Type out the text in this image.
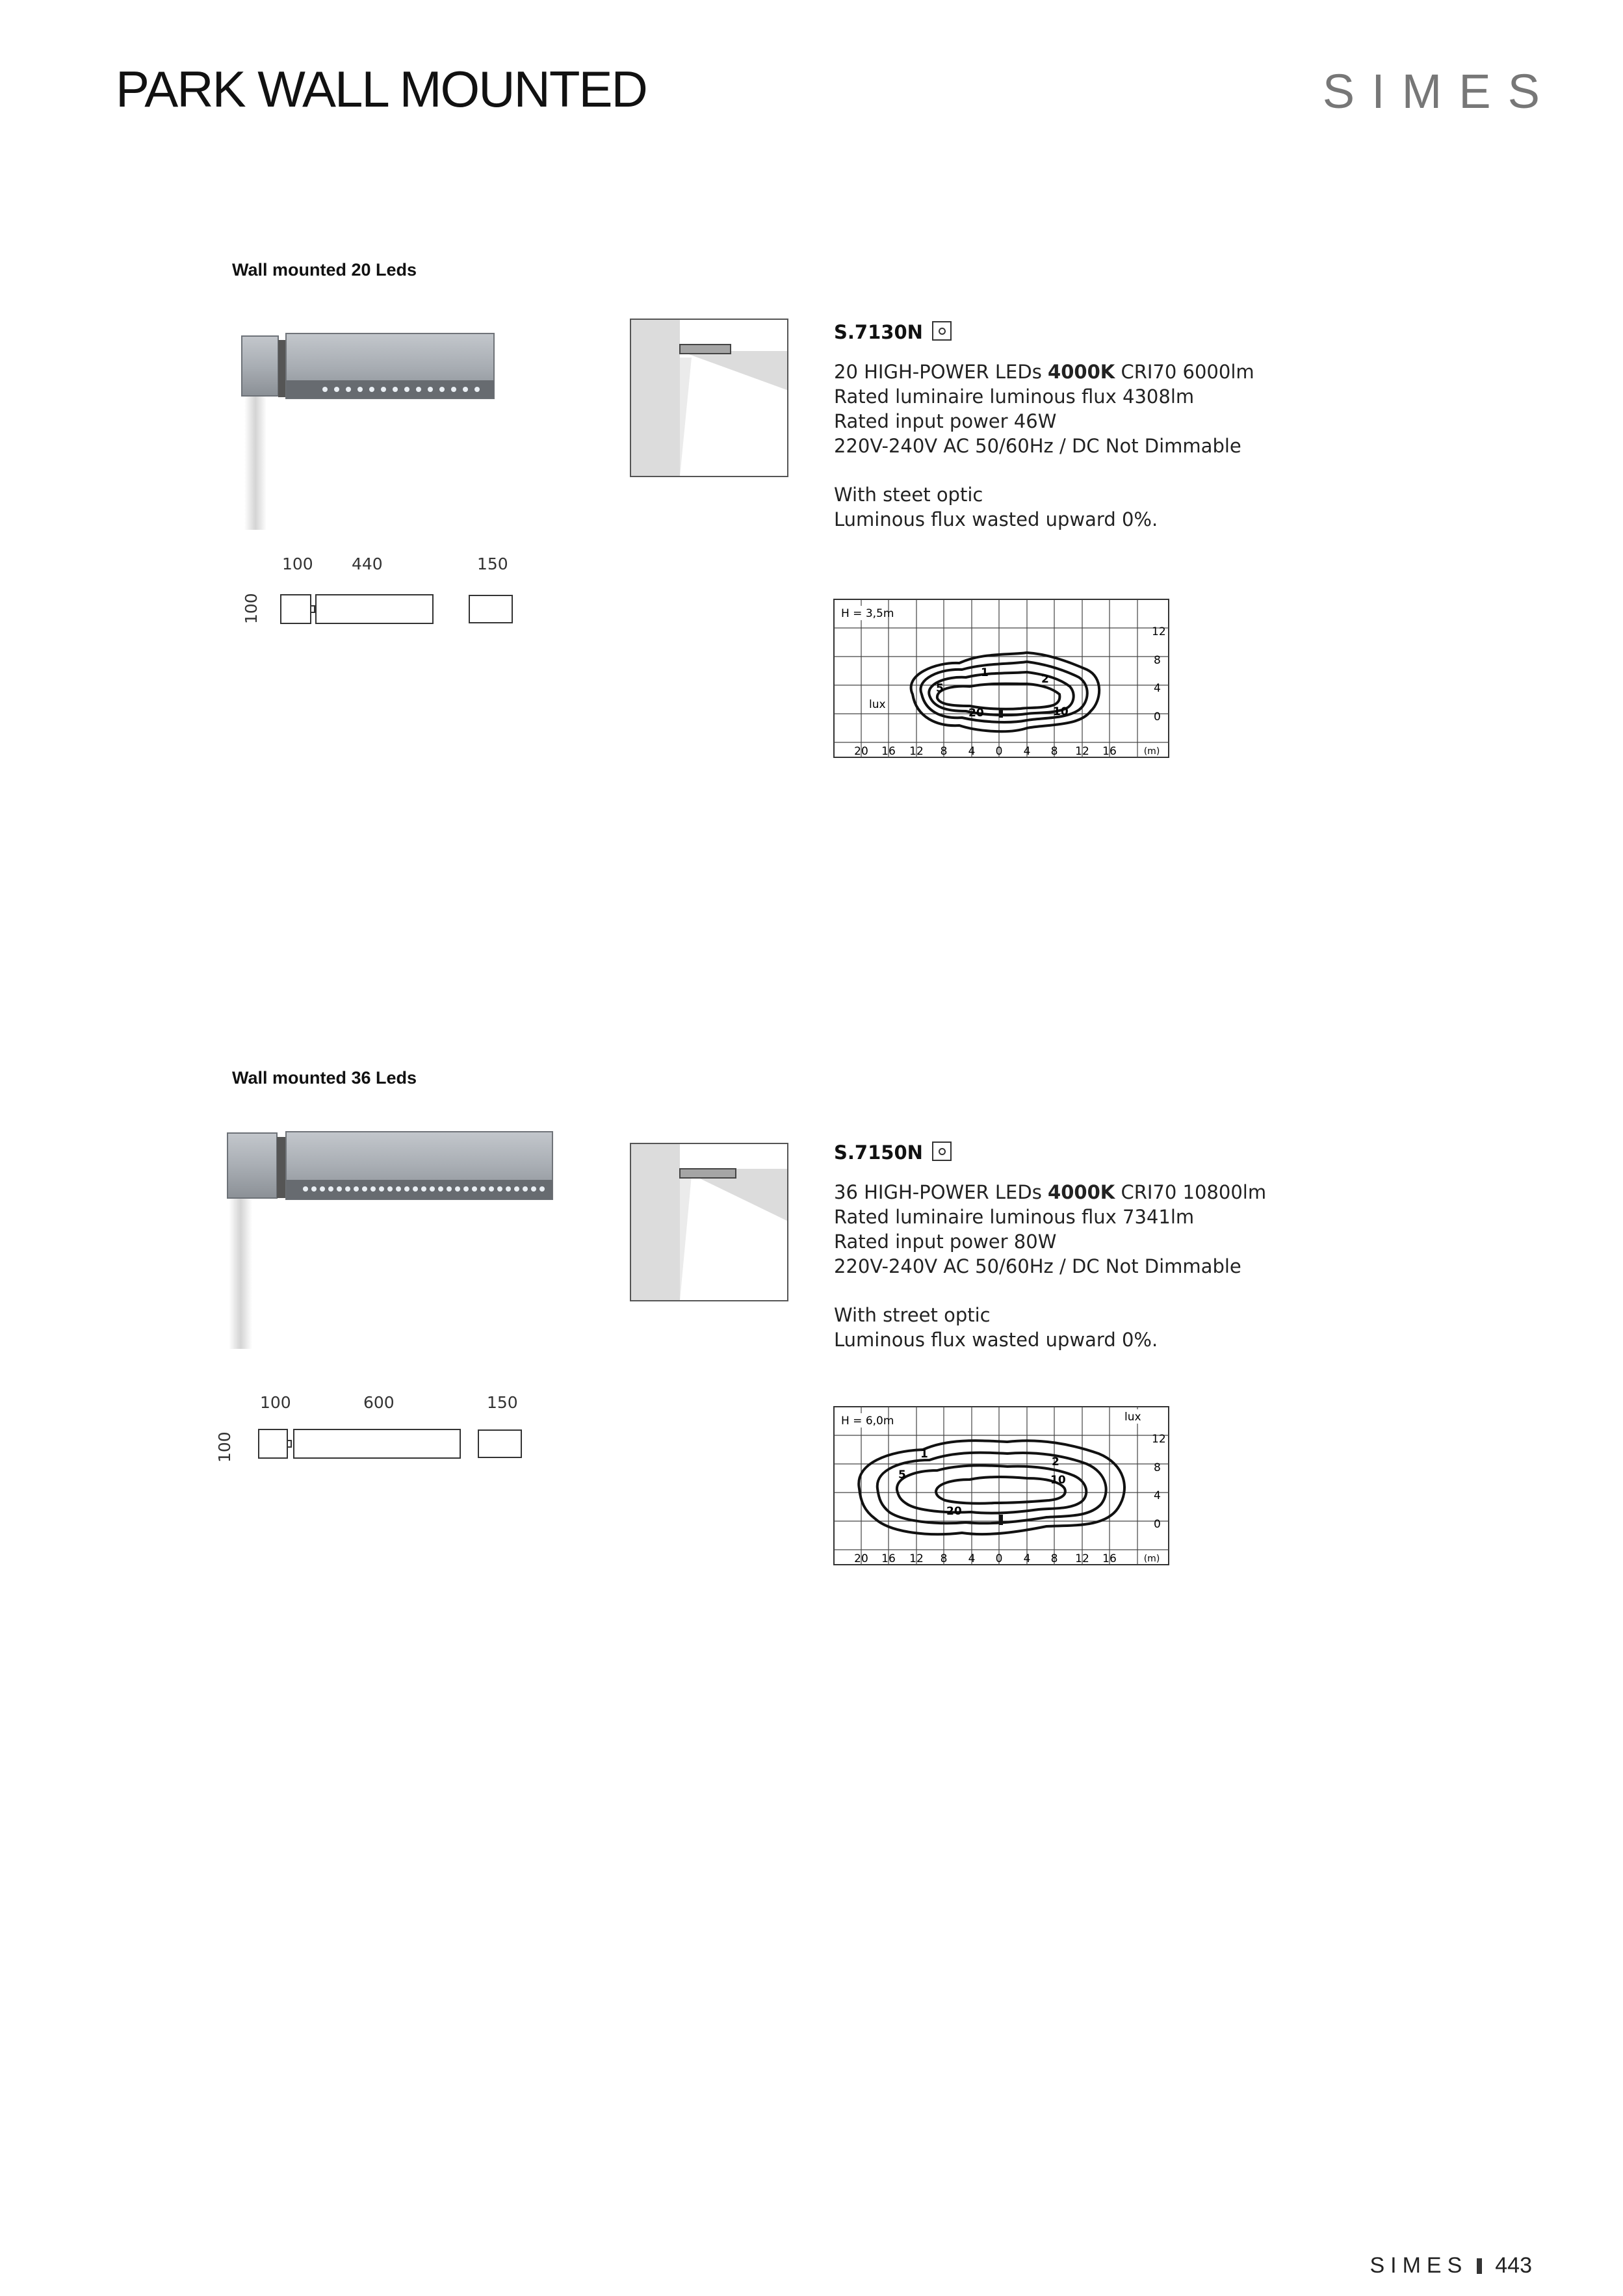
PARK WALL MOUNTED	SIMES
Wall mounted 20 Leds
S.7130N
20 HIGH-POWER LEDs 4000K CRI70 6000lm
Rated luminaire luminous flux 4308lm
Rated input power 46W
220V-240V AC 50/60Hz / DC Not Dimmable
With steet optic
Luminous flux wasted upward 0%.
100 440	150
100	H = 3,5m
lux
1	2
5
10
20
12
8
4
0
20 16 12 8 4 0 4 8 12 16	(m)
Wall mounted 36 Leds
S.7150N
36 HIGH-POWER LEDs 4000K CRI70 10800lm
Rated luminaire luminous flux 7341lm
Rated input power 80W
220V-240V AC 50/60Hz / DC Not Dimmable
With street optic
Luminous flux wasted upward 0%.
100	600	150
100
H = 6,0m	lux
1
2
5	10
20
12
8
4
0
20 16 12 8 4 0 4 8 12 16	(m)
SIMES 443
